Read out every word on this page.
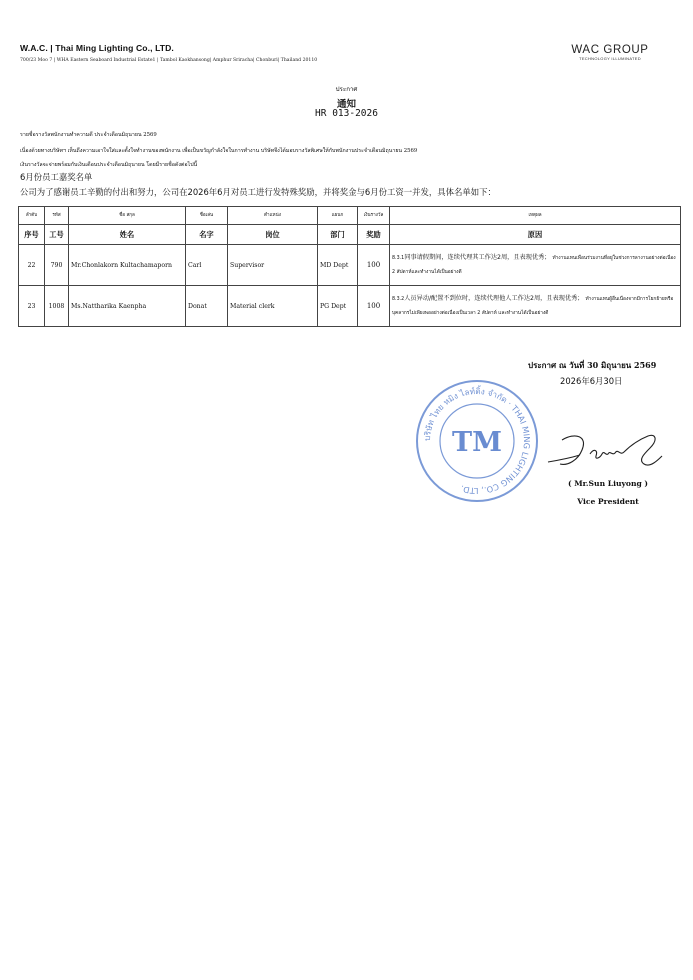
W.A.C. | Thai Ming Lighting Co., LTD.
700/23 Moo 7 | WHA Eastern Seaboard Industrial Estate1 | Tambol Kaokhansong| Amphur Sriracha| Chonburi| Thailand 20110
WAC GROUP
TECHNOLOGY ILLUMINATED
ประกาศ
通知
HR 013-2026
รายชื่อรางวัลพนักงานทำความดี ประจำเดือนมิถุนายน 2569
เนื่องด้วยทางบริษัทฯ เห็นถึงความเอาใจใส่และตั้งใจทำงานของพนักงาน เพื่อเป็นขวัญกำลังใจในการทำงาน บริษัทจึงได้มอบรางวัลพิเศษให้กับพนักงานประจำเดือนมิถุนายน 2569
เงินรางวัลจะจ่ายพร้อมกับเงินเดือนประจำเดือนมิถุนายน โดยมีรายชื่อดังต่อไปนี้
6月份员工嘉奖名单
公司为了感谢员工辛勤的付出和努力，公司在2026年6月对员工进行发特殊奖励，并将奖金与6月份工资一并发，具体名单如下：
ลำดับ	รหัส	ชื่อ สกุล	ชื่อเล่น	ตำแหน่ง	แผนก	เงินรางวัล	เหตุผล
序号	工号	姓名	名字	岗位	部门	奖励	原因
22	790	Mr.Chonlakorn Kultachamaporn	Carl	Supervisor	MD Dept	100	8.3.1同事请假期间，连续代理其工作达2周，且表现优秀； ทำงานแทนเพื่อนร่วมงานที่อยู่ในช่วงการลางานอย่างต่อเนื่อง 2 สัปดาห์และทำงานได้เป็นอย่างดี
23	1008	Ms.Nattharika Kaenpha	Donat	Material clerk	PG Dept	100	8.3.2人员异动/配置不到位时，连续代理他人工作达2周，且表现优秀； ทำงานแทนผู้อื่นเนื่องจากมีการโยกย้ายหรือบุคลากรไม่เพียงพออย่างต่อเนื่องเป็นเวลา 2 สัปดาห์ และทำงานได้เป็นอย่างดี
ประกาศ ณ วันที่ 30 มิถุนายน 2569
2026年6月30日
บริษัท ไทย หมิง ไลท์ติ้ง จำกัด · THAI MING LIGHTING CO., LTD.
TM
( Mr.Sun Liuyong )
Vice President
